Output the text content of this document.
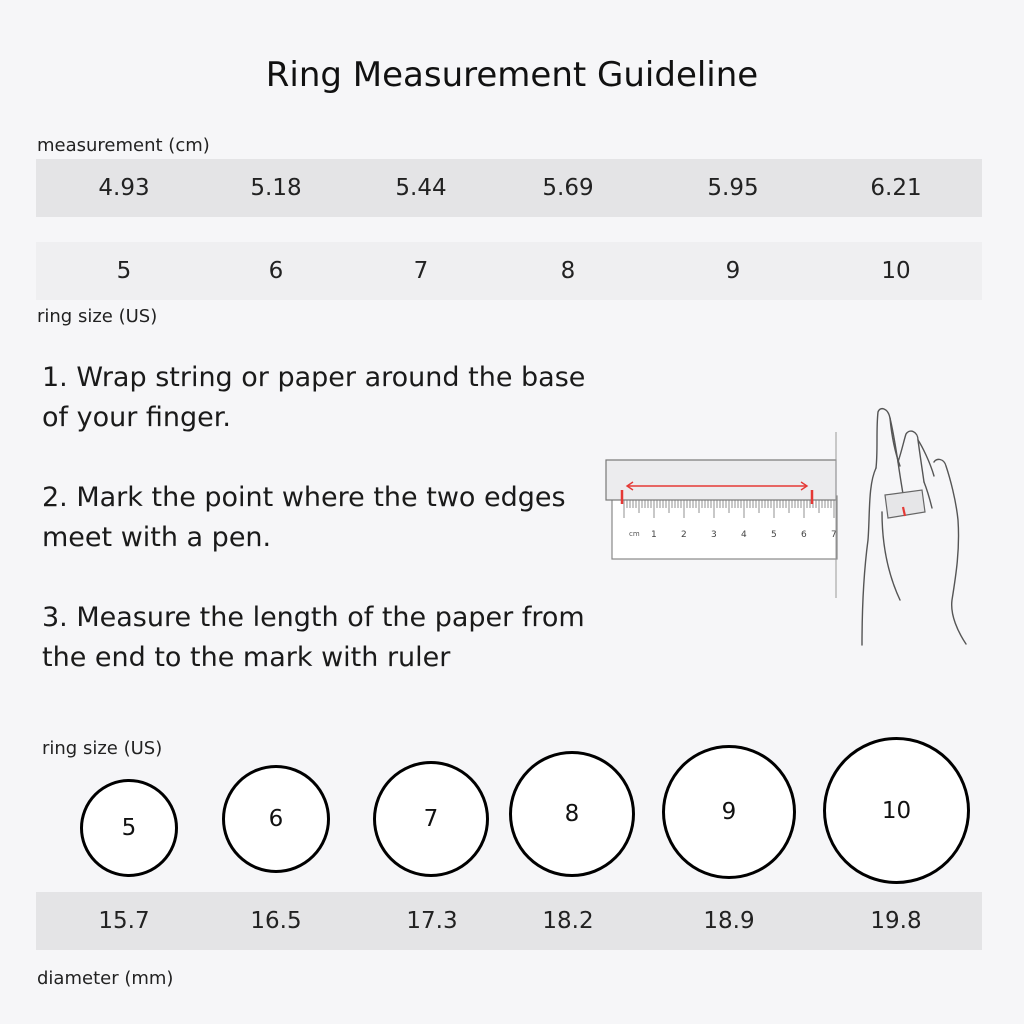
Ring Measurement Guideline
measurement (cm)
4.93	5.18	5.44	5.69	5.95	6.21
5	6	7	8	9	10
ring size (US)

1. Wrap string or paper around the base of your finger.

2. Mark the point where the two edges meet with a pen.

3. Measure the length of the paper from the end to the mark with ruler

cm 1	2	3	4	5	6	7
ring size (US)
5	6	7	8	9	10
15.7	16.5	17.3	18.2	18.9	19.8
diameter (mm)
